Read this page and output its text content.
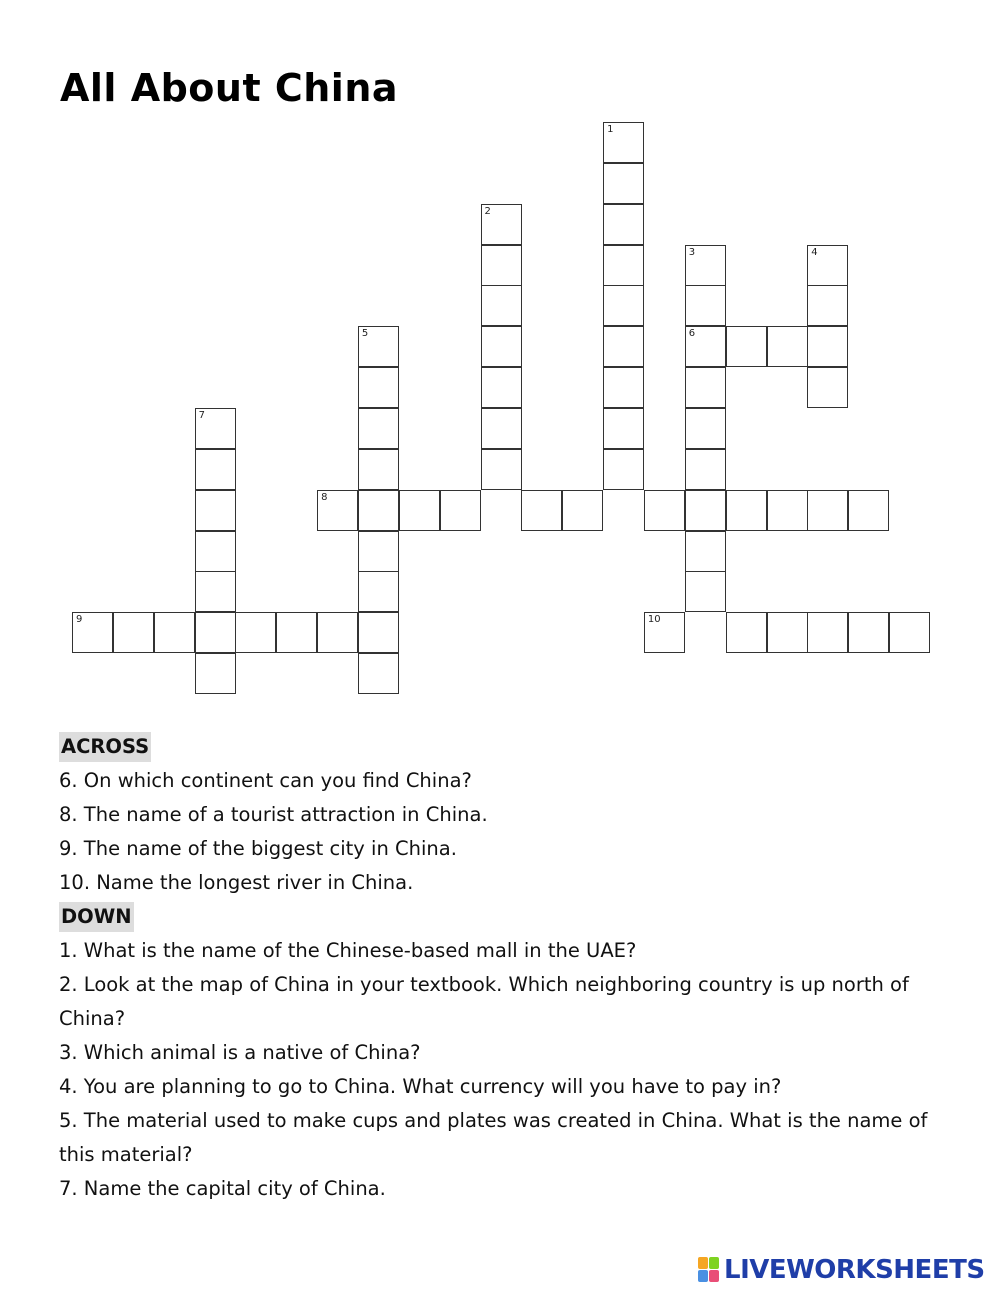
All About China
1
2
3
6
4
5
7
8
9	10
ACROSS
6. On which continent can you find China?
8. The name of a tourist attraction in China.
9. The name of the biggest city in China.
10. Name the longest river in China.
DOWN
1. What is the name of the Chinese-based mall in the UAE?
2. Look at the map of China in your textbook. Which neighboring country is up north of China?
3. Which animal is a native of China?
4. You are planning to go to China. What currency will you have to pay in?
5. The material used to make cups and plates was created in China. What is the name of this material?
7. Name the capital city of China.
LIVEWORKSHEETS
